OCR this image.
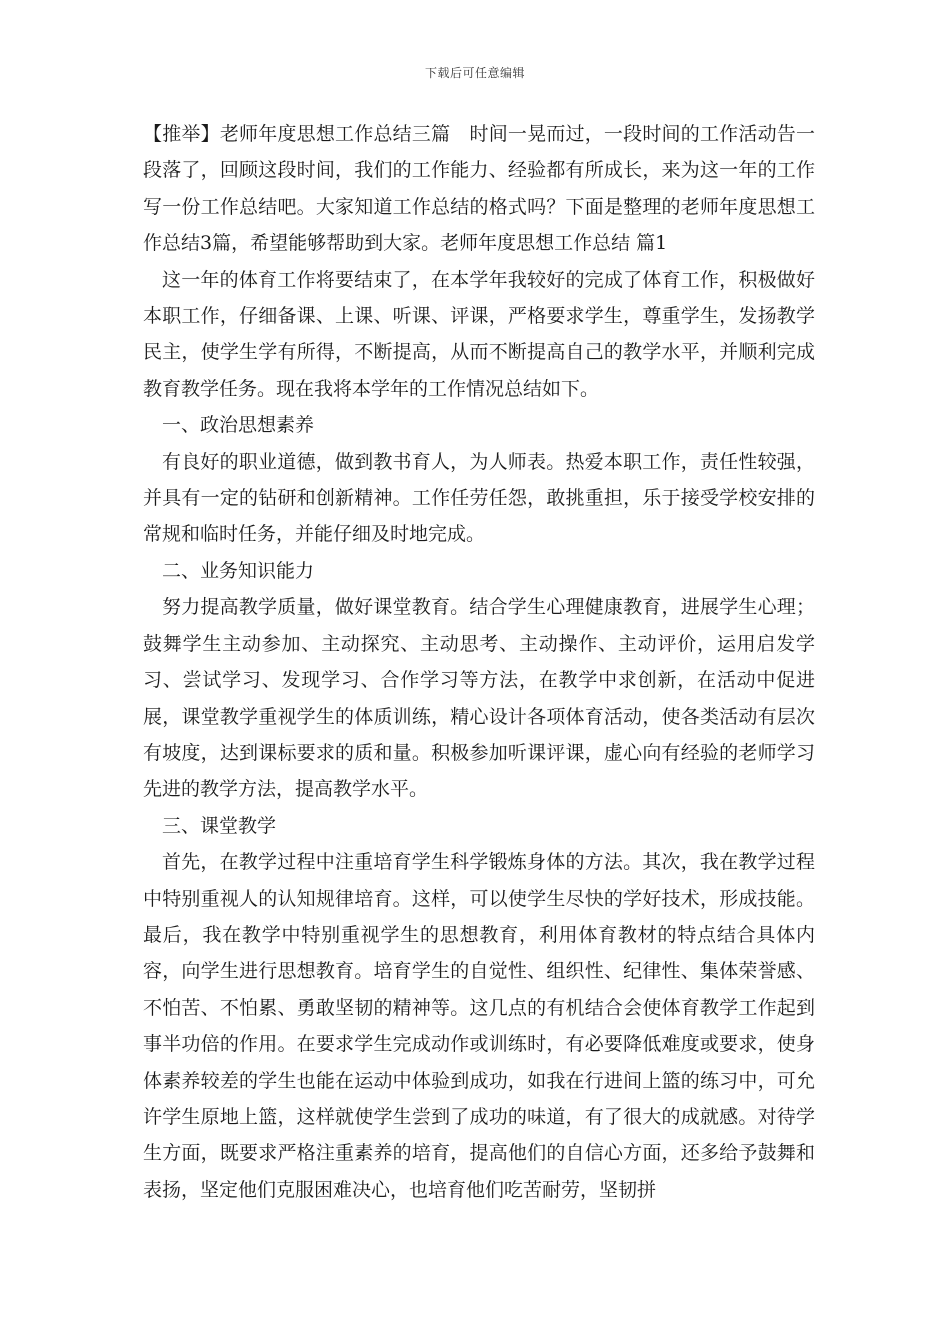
下载后可任意编辑

【推举】老师年度思想工作总结三篇　时间一晃而过，一段时间的工作活动告一段落了，回顾这段时间，我们的工作能力、经验都有所成长，来为这一年的工作写一份工作总结吧。大家知道工作总结的格式吗？下面是整理的老师年度思想工作总结3篇，希望能够帮助到大家。老师年度思想工作总结 篇1

这一年的体育工作将要结束了，在本学年我较好的完成了体育工作，积极做好本职工作，仔细备课、上课、听课、评课，严格要求学生，尊重学生，发扬教学民主，使学生学有所得，不断提高，从而不断提高自己的教学水平，并顺利完成教育教学任务。现在我将本学年的工作情况总结如下。

一、政治思想素养

有良好的职业道德，做到教书育人，为人师表。热爱本职工作，责任性较强，并具有一定的钻研和创新精神。工作任劳任怨，敢挑重担，乐于接受学校安排的常规和临时任务，并能仔细及时地完成。

二、业务知识能力

努力提高教学质量，做好课堂教育。结合学生心理健康教育，进展学生心理；鼓舞学生主动参加、主动探究、主动思考、主动操作、主动评价，运用启发学习、尝试学习、发现学习、合作学习等方法，在教学中求创新，在活动中促进展，课堂教学重视学生的体质训练，精心设计各项体育活动，使各类活动有层次有坡度，达到课标要求的质和量。积极参加听课评课，虚心向有经验的老师学习先进的教学方法，提高教学水平。

三、课堂教学

首先，在教学过程中注重培育学生科学锻炼身体的方法。其次，我在教学过程中特别重视人的认知规律培育。这样，可以使学生尽快的学好技术，形成技能。最后，我在教学中特别重视学生的思想教育，利用体育教材的特点结合具体内容，向学生进行思想教育。培育学生的自觉性、组织性、纪律性、集体荣誉感、不怕苦、不怕累、勇敢坚韧的精神等。这几点的有机结合会使体育教学工作起到事半功倍的作用。在要求学生完成动作或训练时，有必要降低难度或要求，使身体素养较差的学生也能在运动中体验到成功，如我在行进间上篮的练习中，可允许学生原地上篮，这样就使学生尝到了成功的味道，有了很大的成就感。对待学生方面，既要求严格注重素养的培育，提高他们的自信心方面，还多给予鼓舞和表扬，坚定他们克服困难决心，也培育他们吃苦耐劳，坚韧拼
